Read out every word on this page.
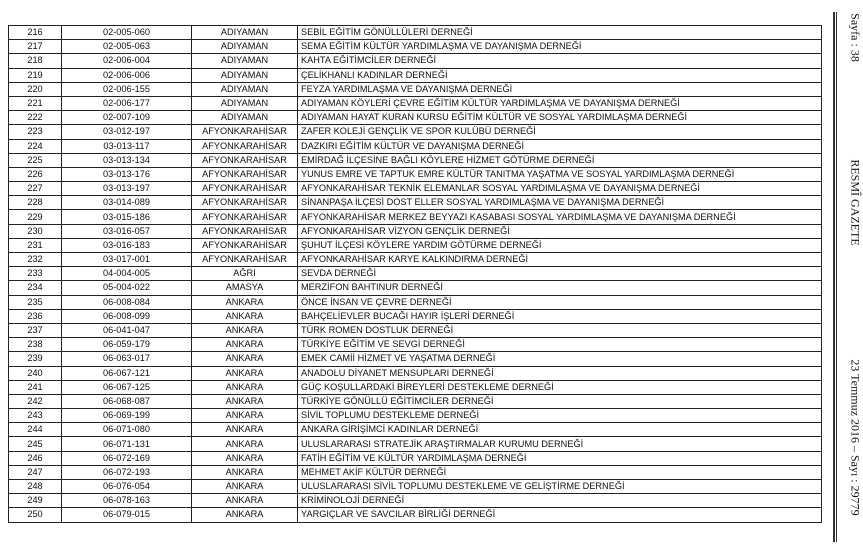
216	02-005-060	ADIYAMAN	SEBİL EĞİTİM GÖNÜLLÜLERİ DERNEĞİ
217	02-005-063	ADIYAMAN	SEMA EĞİTİM KÜLTÜR YARDIMLAŞMA VE DAYANIŞMA DERNEĞİ
218	02-006-004	ADIYAMAN	KAHTA EĞİTİMCİLER DERNEĞİ
219	02-006-006	ADIYAMAN	ÇELİKHANLI KADINLAR DERNEĞİ
220	02-006-155	ADIYAMAN	FEYZA YARDIMLAŞMA VE DAYANIŞMA DERNEĞİ
221	02-006-177	ADIYAMAN	ADIYAMAN KÖYLERİ ÇEVRE EĞİTİM KÜLTÜR YARDIMLAŞMA VE DAYANIŞMA DERNEĞİ
222	02-007-109	ADIYAMAN	ADIYAMAN HAYAT KURAN KURSU EĞİTİM KÜLTÜR VE SOSYAL YARDIMLAŞMA DERNEĞİ
223	03-012-197	AFYONKARAHİSAR	ZAFER KOLEJİ GENÇLİK VE SPOR KULÜBÜ DERNEĞİ
224	03-013-117	AFYONKARAHİSAR	DAZKIRI EĞİTİM KÜLTÜR VE DAYANIŞMA DERNEĞİ
225	03-013-134	AFYONKARAHİSAR	EMİRDAĞ İLÇESİNE BAĞLI KÖYLERE HİZMET GÖTÜRME DERNEĞİ
226	03-013-176	AFYONKARAHİSAR	YUNUS EMRE VE TAPTUK EMRE KÜLTÜR TANITMA YAŞATMA VE SOSYAL YARDIMLAŞMA DERNEĞİ
227	03-013-197	AFYONKARAHİSAR	AFYONKARAHİSAR TEKNİK ELEMANLAR SOSYAL YARDIMLAŞMA VE DAYANIŞMA DERNEĞİ
228	03-014-089	AFYONKARAHİSAR	SİNANPAŞA İLÇESİ DOST ELLER SOSYAL YARDIMLAŞMA VE DAYANIŞMA DERNEĞİ
229	03-015-186	AFYONKARAHİSAR	AFYONKARAHİSAR MERKEZ BEYYAZI KASABASI SOSYAL YARDIMLAŞMA VE DAYANIŞMA DERNEĞİ
230	03-016-057	AFYONKARAHİSAR	AFYONKARAHİSAR VİZYON GENÇLİK DERNEĞİ
231	03-016-183	AFYONKARAHİSAR	ŞUHUT İLÇESİ KÖYLERE YARDIM GÖTÜRME DERNEĞİ
232	03-017-001	AFYONKARAHİSAR	AFYONKARAHİSAR KARYE KALKINDIRMA DERNEĞİ
233	04-004-005	AĞRI	SEVDA DERNEĞİ
234	05-004-022	AMASYA	MERZİFON BAHTINUR DERNEĞİ
235	06-008-084	ANKARA	ÖNCE İNSAN VE ÇEVRE DERNEĞİ
236	06-008-099	ANKARA	BAHÇELİEVLER BUCAĞI HAYIR İŞLERİ DERNEĞİ
237	06-041-047	ANKARA	TÜRK ROMEN DOSTLUK DERNEĞİ
238	06-059-179	ANKARA	TÜRKİYE EĞİTİM VE SEVGİ DERNEĞİ
239	06-063-017	ANKARA	EMEK CAMİİ HİZMET VE YAŞATMA DERNEĞİ
240	06-067-121	ANKARA	ANADOLU DİYANET MENSUPLARI DERNEĞİ
241	06-067-125	ANKARA	GÜÇ KOŞULLARDAKİ BİREYLERİ DESTEKLEME DERNEĞİ
242	06-068-087	ANKARA	TÜRKİYE GÖNÜLLÜ EĞİTİMCİLER DERNEĞİ
243	06-069-199	ANKARA	SİVİL TOPLUMU DESTEKLEME DERNEĞİ
244	06-071-080	ANKARA	ANKARA GİRİŞİMCİ KADINLAR DERNEĞİ
245	06-071-131	ANKARA	ULUSLARARASI STRATEJİK ARAŞTIRMALAR KURUMU DERNEĞİ
246	06-072-169	ANKARA	FATİH EĞİTİM VE KÜLTÜR YARDIMLAŞMA DERNEĞİ
247	06-072-193	ANKARA	MEHMET AKİF KÜLTÜR DERNEĞİ
248	06-076-054	ANKARA	ULUSLARARASI SİVİL TOPLUMU DESTEKLEME VE GELİŞTİRME DERNEĞİ
249	06-078-163	ANKARA	KRİMİNOLOJİ DERNEĞİ
250	06-079-015	ANKARA	YARGIÇLAR VE SAVCILAR BİRLİĞİ DERNEĞİ
Sayfa : 38
RESMÎ GAZETE
23 Temmuz 2016 – Sayı : 29779
